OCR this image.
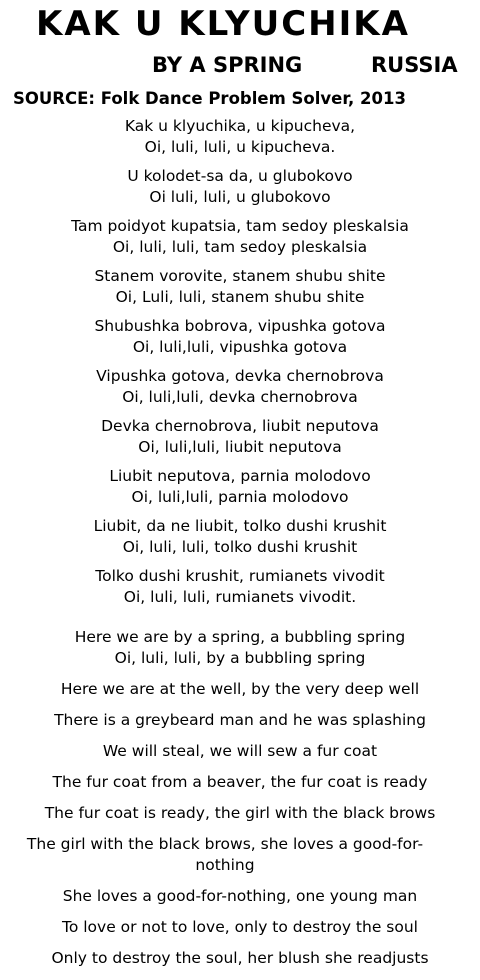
KAK U KLYUCHIKA
BY A SPRING	RUSSIA
SOURCE: Folk Dance Problem Solver, 2013
Kak u klyuchika, u kipucheva,
Oi, luli, luli, u kipucheva.
U kolodet-sa da, u glubokovo
Oi luli, luli, u glubokovo
Tam poidyot kupatsia, tam sedoy pleskalsia
Oi, luli, luli, tam sedoy pleskalsia
Stanem vorovite, stanem shubu shite
Oi, Luli, luli, stanem shubu shite
Shubushka bobrova, vipushka gotova
Oi, luli,luli, vipushka gotova
Vipushka gotova, devka chernobrova
Oi, luli,luli, devka chernobrova
Devka chernobrova, liubit neputova
Oi, luli,luli, liubit neputova
Liubit neputova, parnia molodovo
Oi, luli,luli, parnia molodovo
Liubit, da ne liubit, tolko dushi krushit
Oi, luli, luli, tolko dushi krushit
Tolko dushi krushit, rumianets vivodit
Oi, luli, luli, rumianets vivodit.
Here we are by a spring, a bubbling spring
Oi, luli, luli, by a bubbling spring
Here we are at the well, by the very deep well
There is a greybeard man and he was splashing
We will steal, we will sew a fur coat
The fur coat from a beaver, the fur coat is ready
The fur coat is ready, the girl with the black brows
The girl with the black brows, she loves a good-for-nothing
She loves a good-for-nothing, one young man
To love or not to love, only to destroy the soul
Only to destroy the soul, her blush she readjusts
